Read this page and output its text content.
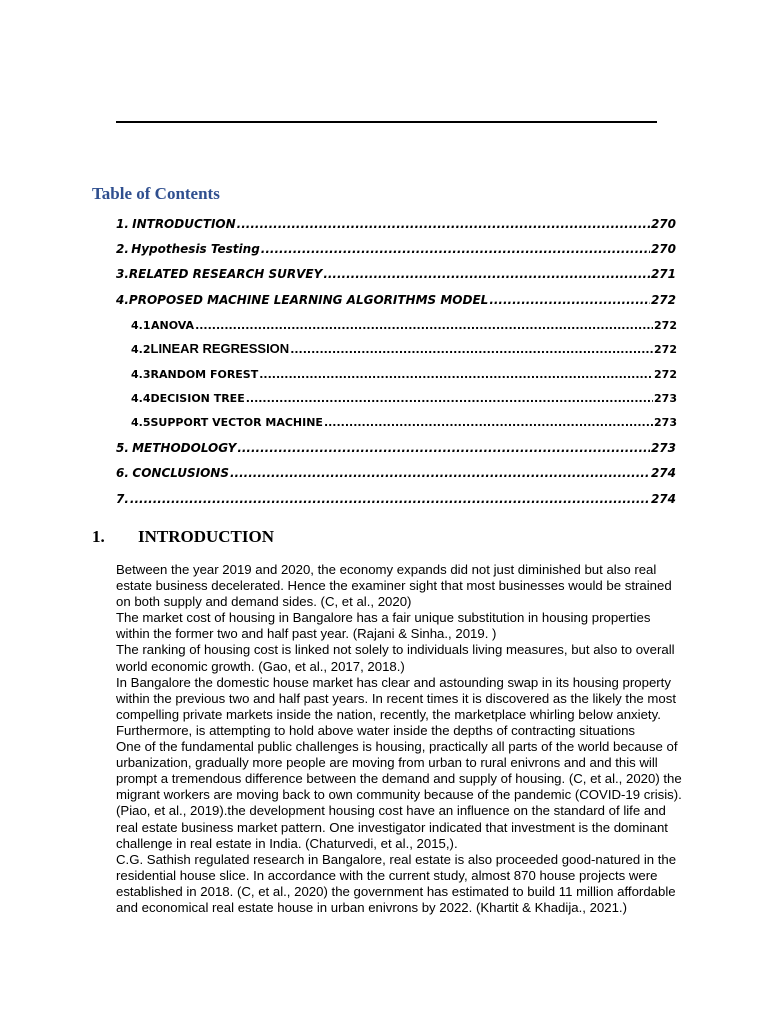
Table of Contents
1. INTRODUCTION .....	270
2. Hypothesis Testing .....	270
3. RELATED RESEARCH SURVEY .....	271
4. PROPOSED MACHINE LEARNING ALGORITHMS MODEL .....	272
4.1 ANOVA .....	272
4.2 LINEAR REGRESSION .....	272
4.3 RANDOM FOREST .....	272
4.4 DECISION TREE .....	273
4.5 SUPPORT VECTOR MACHINE .....	273
5. METHODOLOGY .....	273
6. CONCLUSIONS .....	274
7. .....	274
1.	INTRODUCTION

Between the year 2019 and 2020, the economy expands did not just diminished but also real estate business decelerated. Hence the examiner sight that most businesses would be strained on both supply and demand sides. (C, et al., 2020)

The market cost of housing in Bangalore has a fair unique substitution in housing properties within the former two and half past year. (Rajani & Sinha., 2019. )

The ranking of housing cost is linked not solely to individuals living measures, but also to overall world economic growth. (Gao, et al., 2017, 2018.)

In Bangalore the domestic house market has clear and astounding swap in its housing property within the previous two and half past years. In recent times it is discovered as the likely the most compelling private markets inside the nation, recently, the marketplace whirling below anxiety. Furthermore, is attempting to hold above water inside the depths of contracting situations

One of the fundamental public challenges is housing, practically all parts of the world because of urbanization, gradually more people are moving from urban to rural enivrons and and this will prompt a tremendous difference between the demand and supply of housing. (C, et al., 2020) the migrant workers are moving back to own community because of the pandemic (COVID-19 crisis). (Piao, et al., 2019).the development housing cost have an influence on the standard of life and real estate business market pattern. One investigator indicated that investment is the dominant challenge in real estate in India. (Chaturvedi, et al., 2015,).

C.G. Sathish regulated research in Bangalore, real estate is also proceeded good-natured in the residential house slice. In accordance with the current study, almost 870 house projects were established in 2018. (C, et al., 2020) the government has estimated to build 11 million affordable and economical real estate house in urban enivrons by 2022. (Khartit & Khadija., 2021.)
